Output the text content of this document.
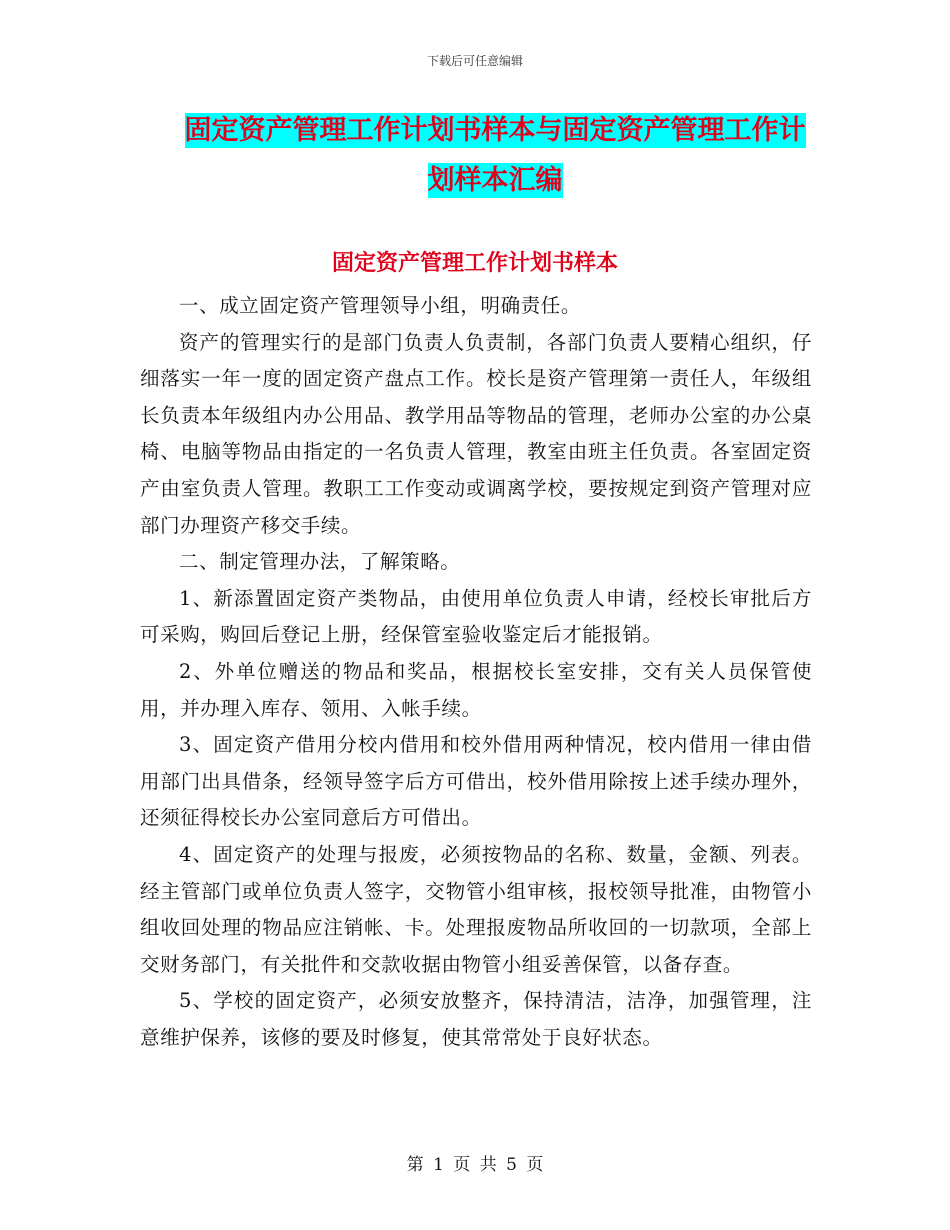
下载后可任意编辑
固定资产管理工作计划书样本与固定资产管理工作计
划样本汇编
固定资产管理工作计划书样本

一、成立固定资产管理领导小组，明确责任。

资产的管理实行的是部门负责人负责制，各部门负责人要精心组织，仔细落实一年一度的固定资产盘点工作。校长是资产管理第一责任人，年级组长负责本年级组内办公用品、教学用品等物品的管理，老师办公室的办公桌椅、电脑等物品由指定的一名负责人管理，教室由班主任负责。各室固定资产由室负责人管理。教职工工作变动或调离学校，要按规定到资产管理对应部门办理资产移交手续。

二、制定管理办法，了解策略。

1、新添置固定资产类物品，由使用单位负责人申请，经校长审批后方可采购，购回后登记上册，经保管室验收鉴定后才能报销。

2、外单位赠送的物品和奖品，根据校长室安排，交有关人员保管使用，并办理入库存、领用、入帐手续。

3、固定资产借用分校内借用和校外借用两种情况，校内借用一律由借用部门出具借条，经领导签字后方可借出，校外借用除按上述手续办理外，还须征得校长办公室同意后方可借出。

4、固定资产的处理与报废，必须按物品的名称、数量，金额、列表。经主管部门或单位负责人签字，交物管小组审核，报校领导批准，由物管小组收回处理的物品应注销帐、卡。处理报废物品所收回的一切款项，全部上交财务部门，有关批件和交款收据由物管小组妥善保管，以备存查。

5、学校的固定资产，必须安放整齐，保持清洁，洁净，加强管理，注意维护保养，该修的要及时修复，使其常常处于良好状态。

第 1 页 共 5 页
